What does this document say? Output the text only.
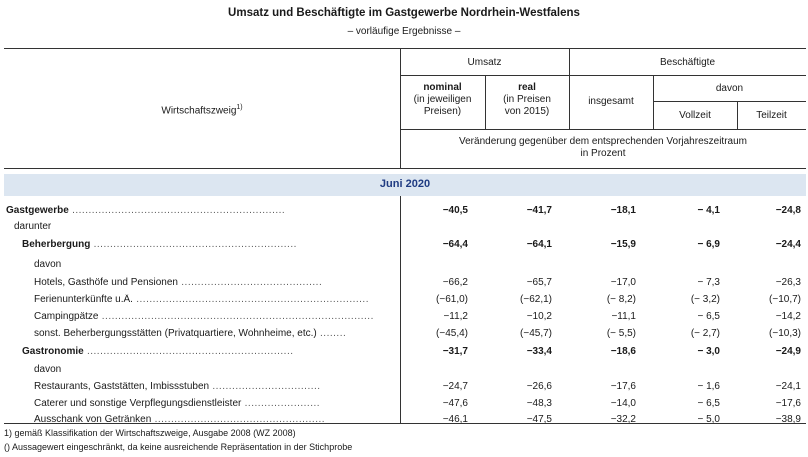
Umsatz und Beschäftigte im Gastgewerbe Nordrhein-Westfalens
– vorläufige Ergebnisse –
Wirtschaftszweig$^{1)}$
Umsatz	Beschäftigte
nominal
(in jeweiligen
Preisen)
real
(in Preisen
von 2015)
insgesamt
davon
Vollzeit	Teilzeit
Veränderung gegenüber dem entsprechenden Vorjahreszeitraum
in Prozent
Juni 2020
Gastgewerbe .................................................................	−40,5	−41,7	−18,1	− 4,1	−24,8
darunter
Beherbergung ..............................................................	−64,4	−64,1	−15,9	− 6,9	−24,4
davon
Hotels, Gasthöfe und Pensionen ...........................................	−66,2	−65,7	−17,0	− 7,3	−26,3
Ferienunterkünfte u.Ä. .......................................................................	(−61,0)	(−62,1)	(− 8,2)	(− 3,2)	(−10,7)
Campingpätze ...................................................................................	−11,2	−10,2	−11,1	− 6,5	−14,2
sonst. Beherbergungsstätten (Privatquartiere, Wohnheime, etc.) ........	(−45,4)	(−45,7)	(− 5,5)	(− 2,7)	(−10,3)
Gastronomie ...............................................................	−31,7	−33,4	−18,6	− 3,0	−24,9
davon
Restaurants, Gaststätten, Imbissstuben .................................	−24,7	−26,6	−17,6	− 1,6	−24,1
Caterer und sonstige Verpflegungsdienstleister .......................	−47,6	−48,3	−14,0	− 6,5	−17,6
Ausschank von Getränken ....................................................	−46,1	−47,5	−32,2	− 5,0	−38,9
1) gemäß Klassifikation der Wirtschaftszweige, Ausgabe 2008 (WZ 2008)
() Aussagewert eingeschränkt, da keine ausreichende Repräsentation in der Stichprobe
